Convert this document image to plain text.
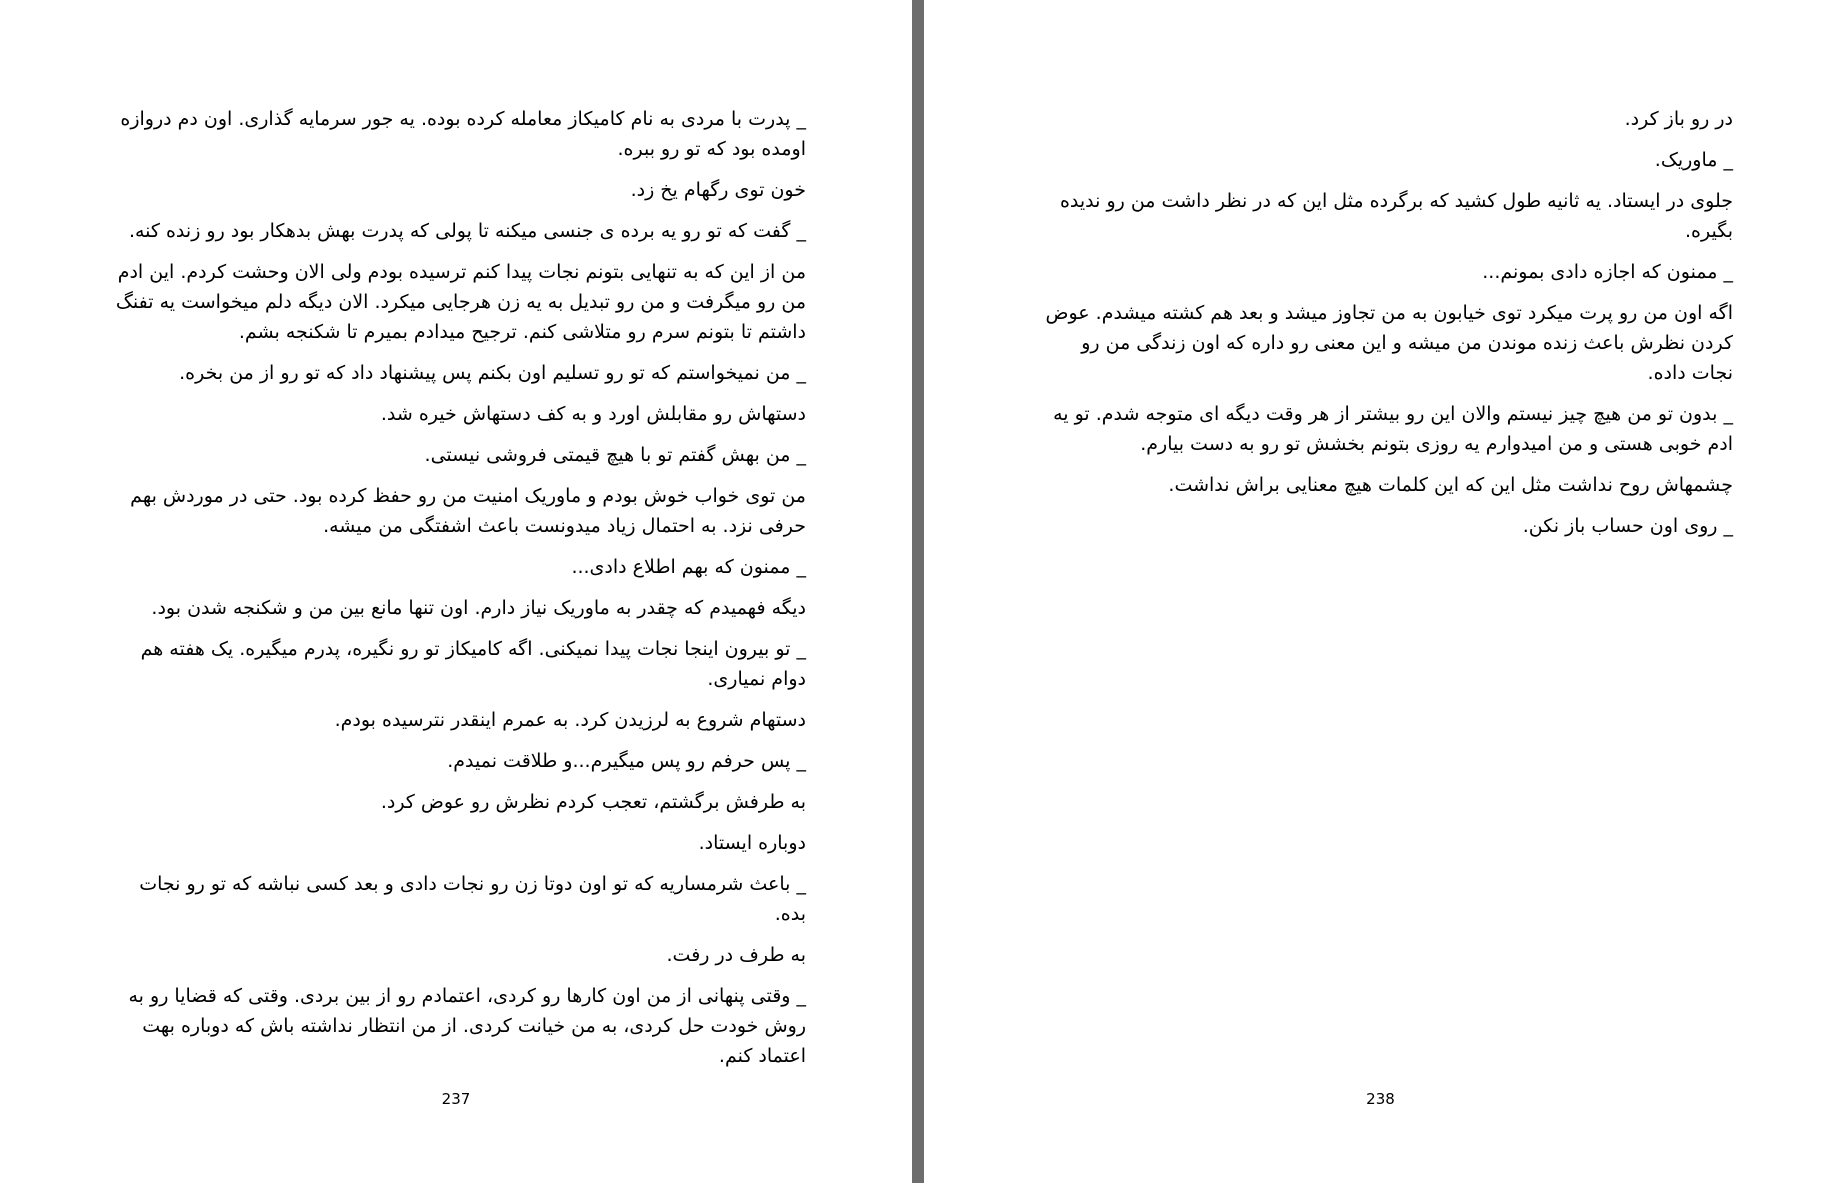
_ پدرت با مردی به نام کامیکاز معامله کرده بوده. یه جور سرمایه گذاری. اون دم دروازه اومده بود که تو رو ببره.

خون توی رگهام یخ زد.

_ گفت که تو رو یه برده ی جنسی میکنه تا پولی که پدرت بهش بدهکار بود رو زنده کنه.

من از این که به تنهایی بتونم نجات پیدا کنم ترسیده بودم ولی الان وحشت کردم. این ادم من رو میگرفت و من رو تبدیل به یه زن هرجایی میکرد. الان دیگه دلم میخواست یه تفنگ داشتم تا بتونم سرم رو متلاشی کنم. ترجیح میدادم بمیرم تا شکنجه بشم.

_ من نمیخواستم که تو رو تسلیم اون بکنم پس پیشنهاد داد که تو رو از من بخره.

دستهاش رو مقابلش اورد و به کف دستهاش خیره شد.

_ من بهش گفتم تو با هیچ قیمتی فروشی نیستی.

من توی خواب خوش بودم و ماوریک امنیت من رو حفظ کرده بود. حتی در موردش بهم حرفی نزد. به احتمال زیاد میدونست باعث اشفتگی من میشه.

_ ممنون که بهم اطلاع دادی...

دیگه فهمیدم که چقدر به ماوریک نیاز دارم. اون تنها مانع بین من و شکنجه شدن بود.

_ تو بیرون اینجا نجات پیدا نمیکنی. اگه کامیکاز تو رو نگیره، پدرم میگیره. یک هفته هم دوام نمیاری.

دستهام شروع به لرزیدن کرد. به عمرم اینقدر نترسیده بودم.

_ پس حرفم رو پس میگیرم...و طلاقت نمیدم.

به طرفش برگشتم، تعجب کردم نظرش رو عوض کرد.

دوباره ایستاد.

_ باعث شرمساریه که تو اون دوتا زن رو نجات دادی و بعد کسی نباشه که تو رو نجات بده.

به طرف در رفت.

_ وقتی پنهانی از من اون کارها رو کردی، اعتمادم رو از بین بردی. وقتی که قضایا رو به روش خودت حل کردی، به من خیانت کردی. از من انتظار نداشته باش که دوباره بهت اعتماد کنم.

237

در رو باز کرد.

_ ماوریک.

جلوی در ایستاد. یه ثانیه طول کشید که برگرده مثل این که در نظر داشت من رو ندیده بگیره.

_ ممنون که اجازه دادی بمونم...

اگه اون من رو پرت میکرد توی خیابون به من تجاوز میشد و بعد هم کشته میشدم. عوض کردن نظرش باعث زنده موندن من میشه و این معنی رو داره که اون زندگی من رو نجات داده.

_ بدون تو من هیچ چیز نیستم والان این رو بیشتر از هر وقت دیگه ای متوجه شدم. تو یه ادم خوبی هستی و من امیدوارم یه روزی بتونم بخشش تو رو به دست بیارم.

چشمهاش روح نداشت مثل این که این کلمات هیچ معنایی براش نداشت.

_ روی اون حساب باز نکن.

238
